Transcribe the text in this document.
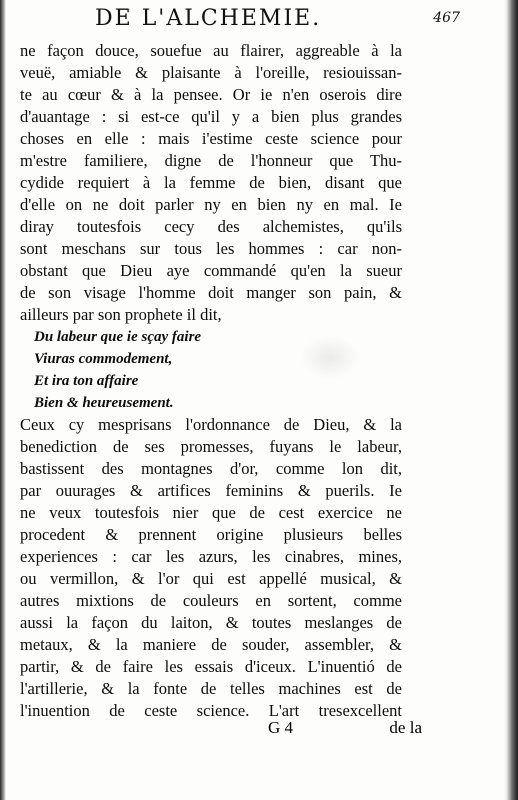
DE L'ALCHEMIE.	467
ne façon douce, souefue au flairer, aggreable à la
veuë, amiable & plaisante à l'oreille, resiouissan-
te au cœur & à la pensee. Or ie n'en oserois dire
d'auantage : si est-ce qu'il y a bien plus grandes
choses en elle : mais i'estime ceste science pour
m'estre familiere, digne de l'honneur que Thu-
cydide requiert à la femme de bien, disant que
d'elle on ne doit parler ny en bien ny en mal. Ie
diray toutesfois cecy des alchemistes, qu'ils
sont meschans sur tous les hommes : car non-
obstant que Dieu aye commandé qu'en la sueur
de son visage l'homme doit manger son pain, &
ailleurs par son prophete il dit,
Du labeur que ie sçay faire
Viuras commodement,
Et ira ton affaire
Bien & heureusement.
Ceux cy mesprisans l'ordonnance de Dieu, & la
benediction de ses promesses, fuyans le labeur,
bastissent des montagnes d'or, comme lon dit,
par ouurages & artifices feminins & puerils. Ie
ne veux toutesfois nier que de cest exercice ne
procedent & prennent origine plusieurs belles
experiences : car les azurs, les cinabres, mines,
ou vermillon, & l'or qui est appellé musical, &
autres mixtions de couleurs en sortent, comme
aussi la façon du laiton, & toutes meslanges de
metaux, & la maniere de souder, assembler, &
partir, & de faire les essais d'iceux. L'inuentió de
l'artillerie, & la fonte de telles machines est de
l'inuention de ceste science. L'art tresexcellent
G 4	de la
